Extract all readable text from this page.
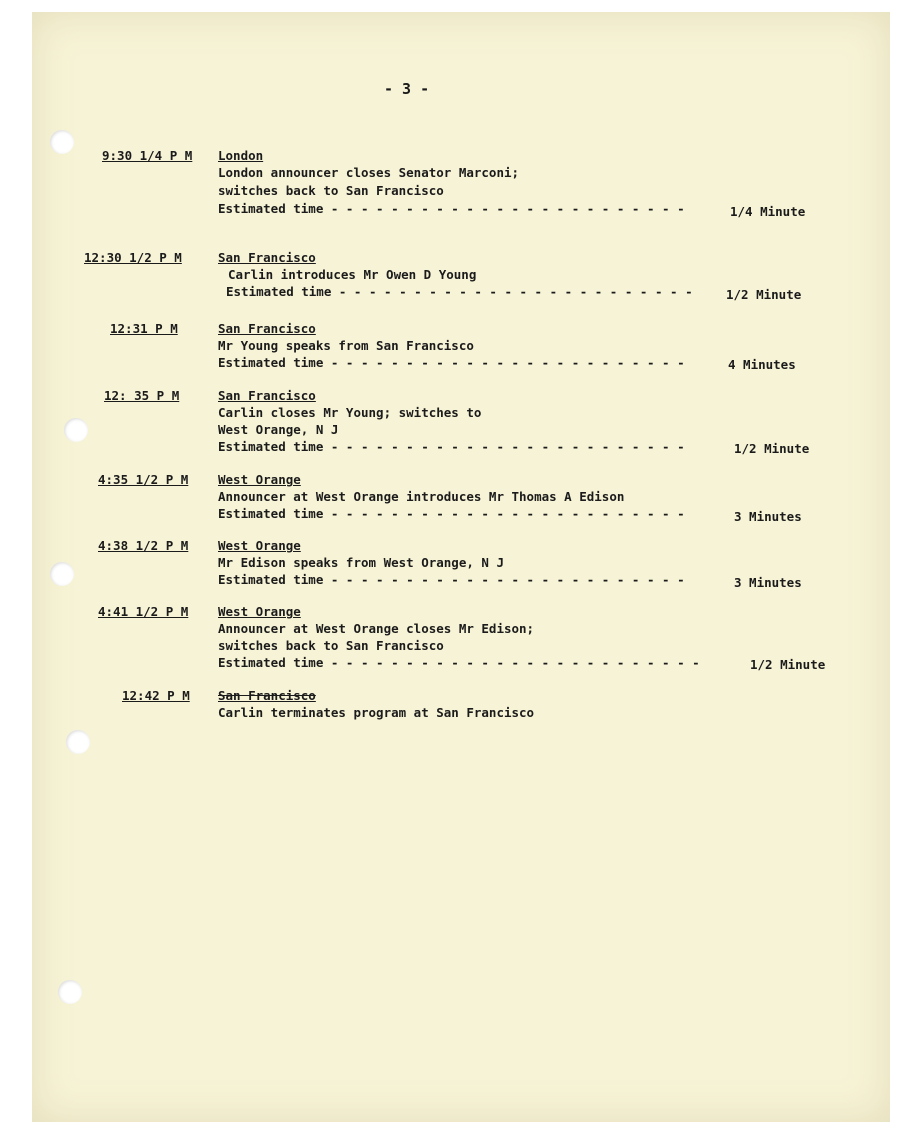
- 3 -
9:30 1/4 P M London
London announcer closes Senator Marconi;
switches back to San Francisco
Estimated time - - - - - - - - - - - - - - - - - - - - - - - -	1/4 Minute
12:30 1/2 P M	San Francisco
Carlin introduces Mr Owen D Young
Estimated time - - - - - - - - - - - - - - - - - - - - - - - -	1/2 Minute
12:31 P M	San Francisco
Mr Young speaks from San Francisco
Estimated time - - - - - - - - - - - - - - - - - - - - - - - -	4 Minutes
12: 35 P M	San Francisco
Carlin closes Mr Young; switches to
West Orange, N J
Estimated time - - - - - - - - - - - - - - - - - - - - - - - -	1/2 Minute
4:35 1/2 P M West Orange
Announcer at West Orange introduces Mr Thomas A Edison
Estimated time - - - - - - - - - - - - - - - - - - - - - - - -	3 Minutes
4:38 1/2 P M West Orange
Mr Edison speaks from West Orange, N J
Estimated time - - - - - - - - - - - - - - - - - - - - - - - -	3 Minutes
4:41 1/2 P M West Orange
Announcer at West Orange closes Mr Edison;
switches back to San Francisco
Estimated time - - - - - - - - - - - - - - - - - - - - - - - - -	1/2 Minute
12:42 P M San Francisco
Carlin terminates program at San Francisco
